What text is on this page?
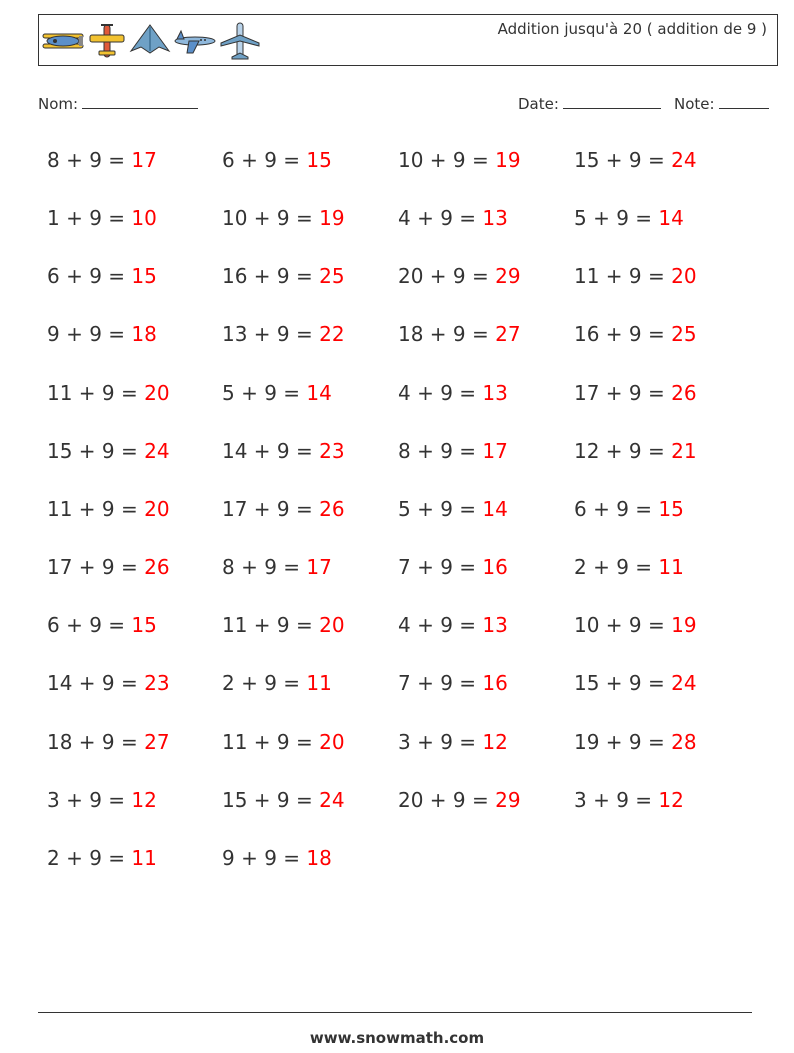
Addition jusqu'à 20 ( addition de 9 )
Nom:	Date:	Note:
8 + 9 = 17	6 + 9 = 15	10 + 9 = 19	15 + 9 = 24
1 + 9 = 10	10 + 9 = 19	4 + 9 = 13	5 + 9 = 14
6 + 9 = 15	16 + 9 = 25	20 + 9 = 29	11 + 9 = 20
9 + 9 = 18	13 + 9 = 22	18 + 9 = 27	16 + 9 = 25
11 + 9 = 20	5 + 9 = 14	4 + 9 = 13	17 + 9 = 26
15 + 9 = 24	14 + 9 = 23	8 + 9 = 17	12 + 9 = 21
11 + 9 = 20	17 + 9 = 26	5 + 9 = 14	6 + 9 = 15
17 + 9 = 26	8 + 9 = 17	7 + 9 = 16	2 + 9 = 11
6 + 9 = 15	11 + 9 = 20	4 + 9 = 13	10 + 9 = 19
14 + 9 = 23	2 + 9 = 11	7 + 9 = 16	15 + 9 = 24
18 + 9 = 27	11 + 9 = 20	3 + 9 = 12	19 + 9 = 28
3 + 9 = 12	15 + 9 = 24	20 + 9 = 29	3 + 9 = 12
2 + 9 = 11	9 + 9 = 18
www.snowmath.com
